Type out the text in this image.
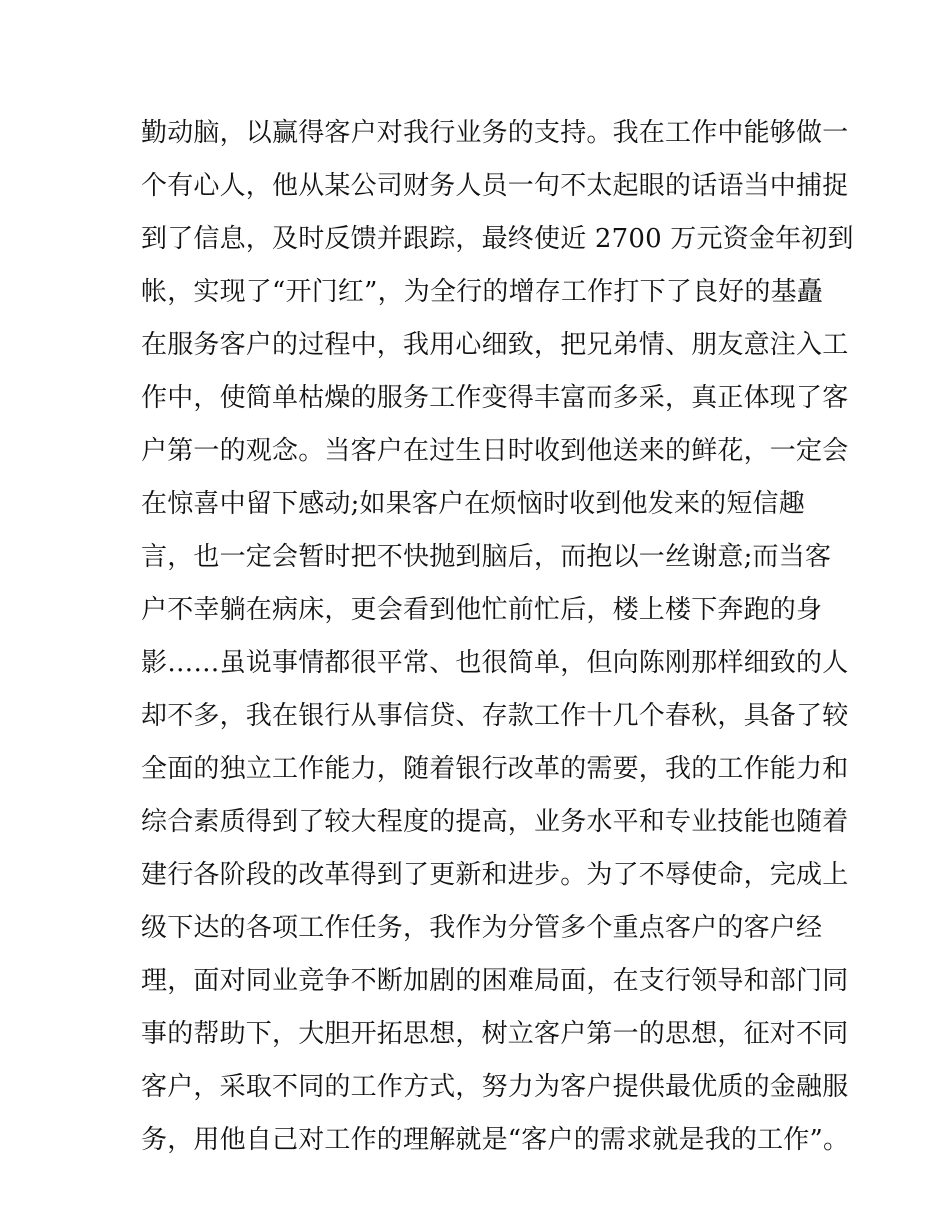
勤动脑，以赢得客户对我行业务的支持。我在工作中能够做一
个有心人，他从某公司财务人员一句不太起眼的话语当中捕捉
到了信息，及时反馈并跟踪，最终使近 2700 万元资金年初到
帐，实现了“开门红”，为全行的增存工作打下了良好的基矗
在服务客户的过程中，我用心细致，把兄弟情、朋友意注入工
作中，使简单枯燥的服务工作变得丰富而多采，真正体现了客
户第一的观念。当客户在过生日时收到他送来的鲜花，一定会
在惊喜中留下感动;如果客户在烦恼时收到他发来的短信趣
言，也一定会暂时把不快抛到脑后，而抱以一丝谢意;而当客
户不幸躺在病床，更会看到他忙前忙后，楼上楼下奔跑的身
影……虽说事情都很平常、也很简单，但向陈刚那样细致的人
却不多，我在银行从事信贷、存款工作十几个春秋，具备了较
全面的独立工作能力，随着银行改革的需要，我的工作能力和
综合素质得到了较大程度的提高，业务水平和专业技能也随着
建行各阶段的改革得到了更新和进步。为了不辱使命，完成上
级下达的各项工作任务，我作为分管多个重点客户的客户经
理，面对同业竞争不断加剧的困难局面，在支行领导和部门同
事的帮助下，大胆开拓思想，树立客户第一的思想，征对不同
客户，采取不同的工作方式，努力为客户提供最优质的金融服
务，用他自己对工作的理解就是“客户的需求就是我的工作”。
